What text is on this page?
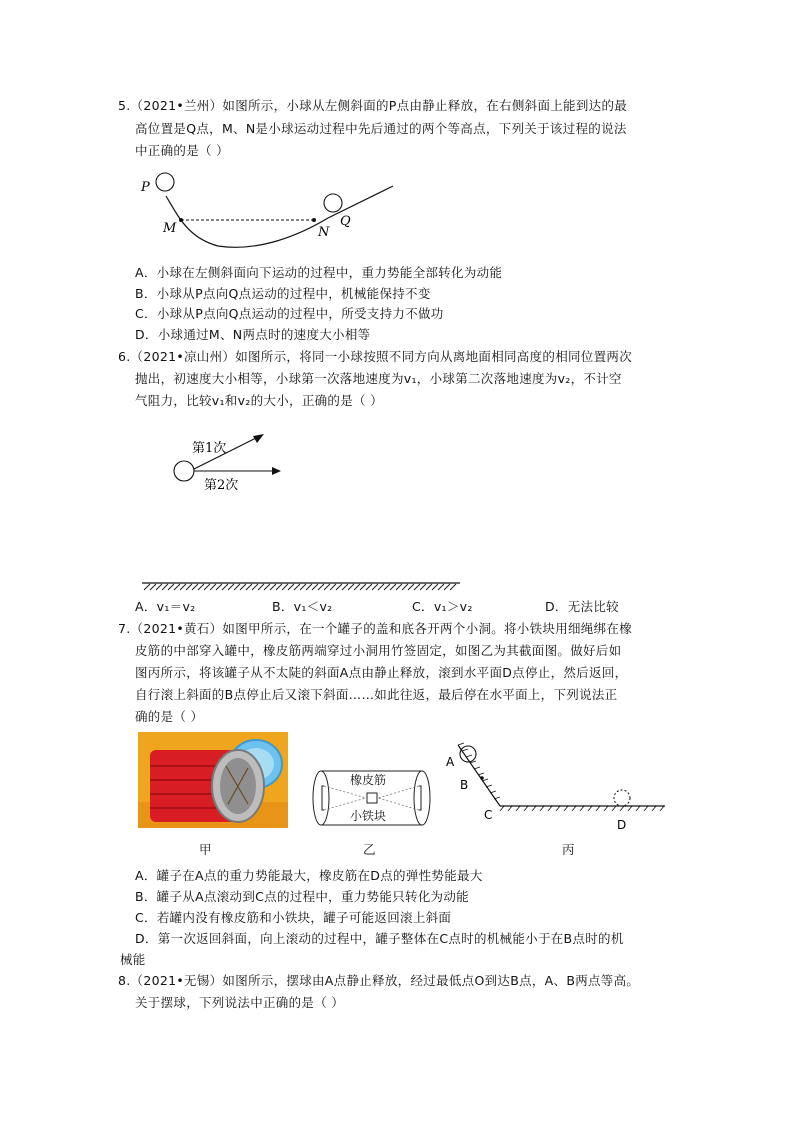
5.（2021•兰州）如图所示，小球从左侧斜面的P点由静止释放，在右侧斜面上能到达的最
高位置是Q点，M、N是小球运动过程中先后通过的两个等高点，下列关于该过程的说法
中正确的是（ ）
P
M	N
Q
A．小球在左侧斜面向下运动的过程中，重力势能全部转化为动能
B．小球从P点向Q点运动的过程中，机械能保持不变
C．小球从P点向Q点运动的过程中，所受支持力不做功
D．小球通过M、N两点时的速度大小相等
6.（2021•凉山州）如图所示，将同一小球按照不同方向从离地面相同高度的相同位置两次
抛出，初速度大小相等，小球第一次落地速度为v₁，小球第二次落地速度为v₂，不计空
气阻力，比较v₁和v₂的大小，正确的是（ ）
第1次
第2次
A．v₁＝v₂	B．v₁＜v₂	C．v₁＞v₂	D．无法比较
7.（2021•黄石）如图甲所示，在一个罐子的盖和底各开两个小洞。将小铁块用细绳绑在橡
皮筋的中部穿入罐中，橡皮筋两端穿过小洞用竹签固定，如图乙为其截面图。做好后如
图丙所示，将该罐子从不太陡的斜面A点由静止释放，滚到水平面D点停止，然后返回，
自行滚上斜面的B点停止后又滚下斜面……如此往返，最后停在水平面上，下列说法正
确的是（ ）
橡皮筋
小铁块
A
B
C
D
甲	乙	丙
A．罐子在A点的重力势能最大，橡皮筋在D点的弹性势能最大
B．罐子从A点滚动到C点的过程中，重力势能只转化为动能
C．若罐内没有橡皮筋和小铁块，罐子可能返回滚上斜面
D．第一次返回斜面，向上滚动的过程中，罐子整体在C点时的机械能小于在B点时的机
械能
8.（2021•无锡）如图所示，摆球由A点静止释放，经过最低点O到达B点，A、B两点等高。
关于摆球，下列说法中正确的是（ ）
